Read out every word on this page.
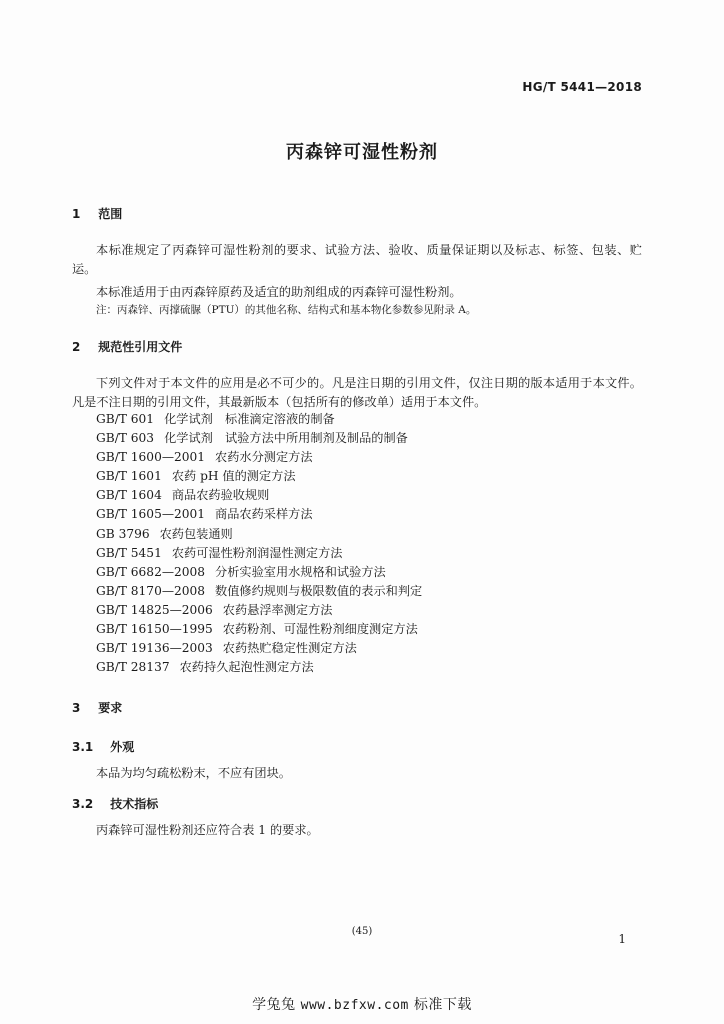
HG/T 5441—2018
丙森锌可湿性粉剂
1 范围
本标准规定了丙森锌可湿性粉剂的要求、试验方法、验收、质量保证期以及标志、标签、包装、贮运。
本标准适用于由丙森锌原药及适宜的助剂组成的丙森锌可湿性粉剂。
注：丙森锌、丙撑硫脲（PTU）的其他名称、结构式和基本物化参数参见附录 A。
2 规范性引用文件
下列文件对于本文件的应用是必不可少的。凡是注日期的引用文件，仅注日期的版本适用于本文件。凡是不注日期的引用文件，其最新版本（包括所有的修改单）适用于本文件。
GB/T 601 化学试剂　标准滴定溶液的制备
GB/T 603 化学试剂　试验方法中所用制剂及制品的制备
GB/T 1600—2001 农药水分测定方法
GB/T 1601 农药 pH 值的测定方法
GB/T 1604 商品农药验收规则
GB/T 1605—2001 商品农药采样方法
GB 3796 农药包装通则
GB/T 5451 农药可湿性粉剂润湿性测定方法
GB/T 6682—2008 分析实验室用水规格和试验方法
GB/T 8170—2008 数值修约规则与极限数值的表示和判定
GB/T 14825—2006 农药悬浮率测定方法
GB/T 16150—1995 农药粉剂、可湿性粉剂细度测定方法
GB/T 19136—2003 农药热贮稳定性测定方法
GB/T 28137 农药持久起泡性测定方法
3 要求
3.1 外观
本品为均匀疏松粉末，不应有团块。
3.2 技术指标
丙森锌可湿性粉剂还应符合表 1 的要求。
(45)
1
学兔兔 www.bzfxw.com 标准下载
